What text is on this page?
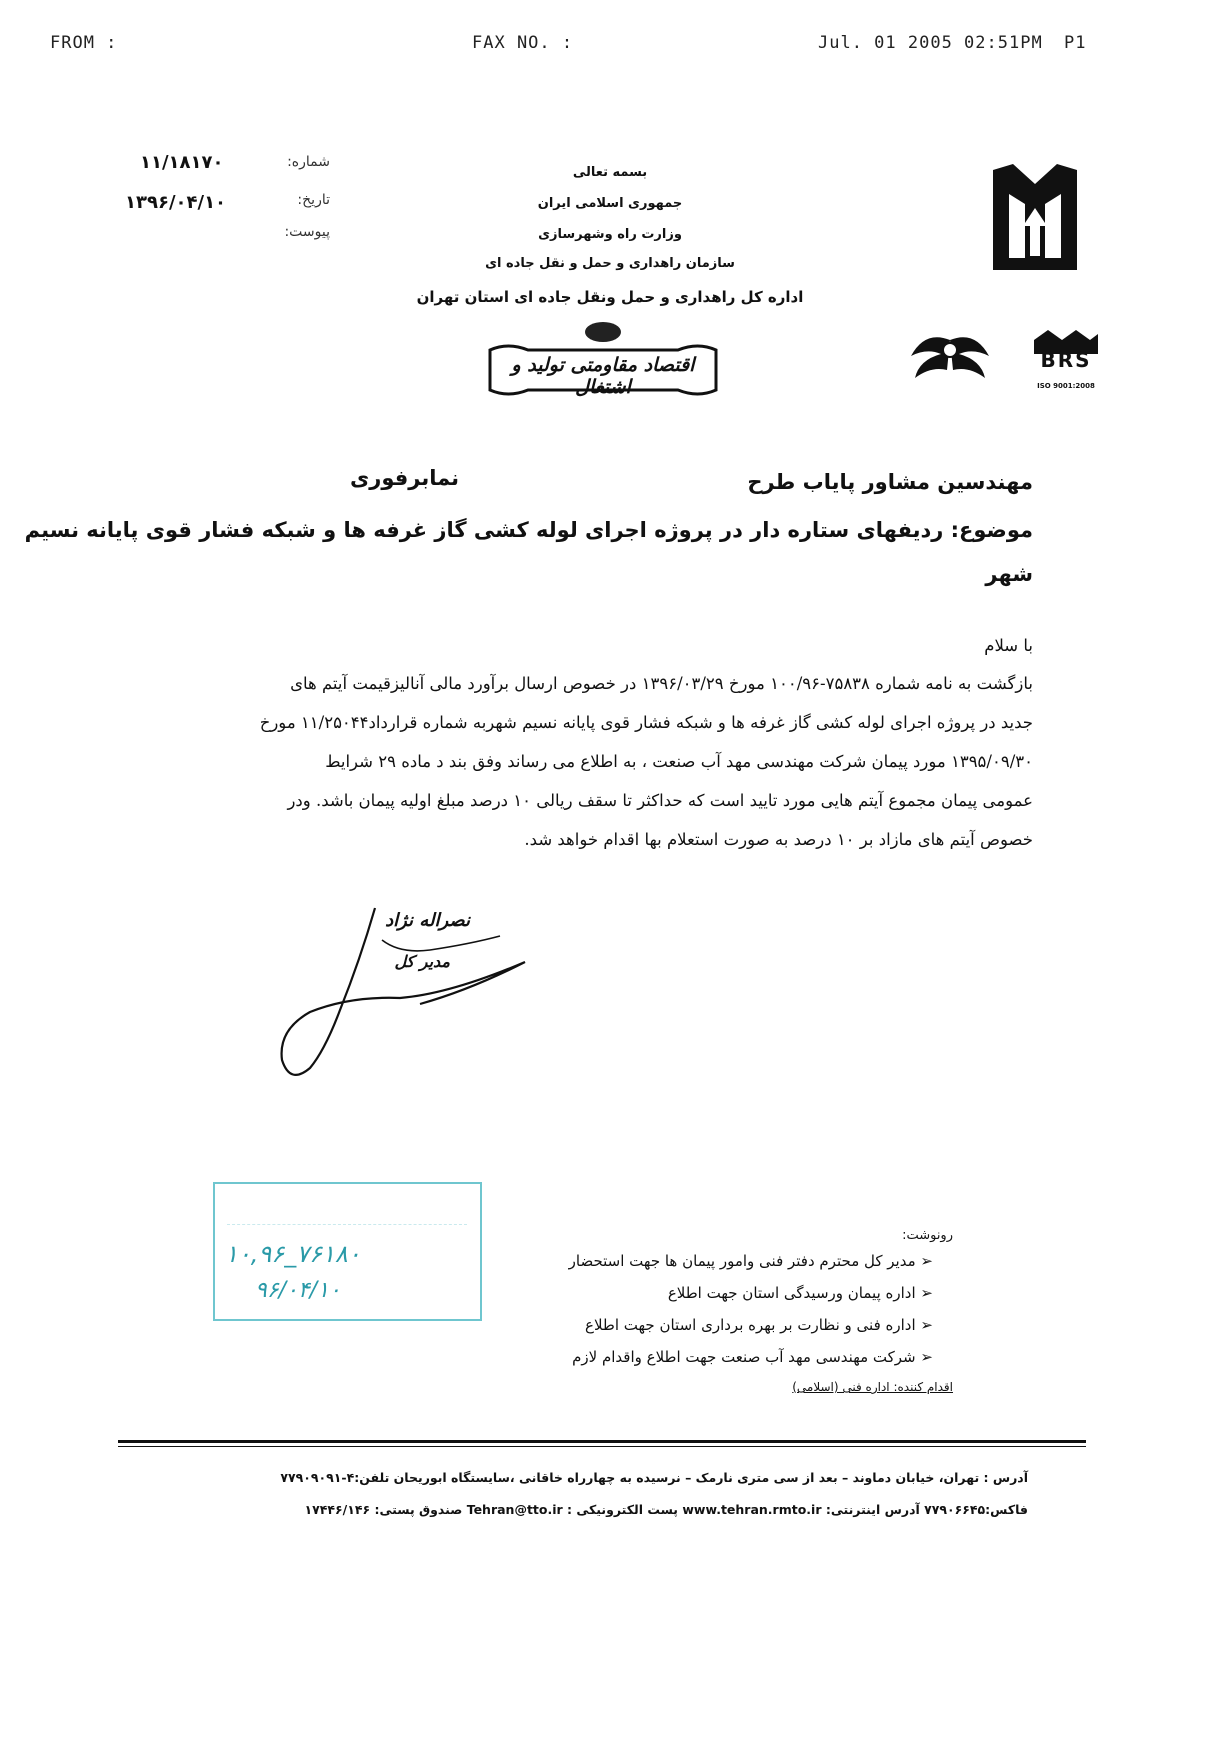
FROM :	FAX NO. :	Jul. 01 2005 02:51PM P1
۱۱/۱۸۱۷۰	شماره:
۱۳۹۶/۰۴/۱۰	تاریخ:
پیوست:
بسمه تعالی
جمهوری اسلامی ایران
وزارت راه وشهرسازی
سازمان راهداری و حمل و نقل جاده ای
اداره کل راهداری و حمل ونقل جاده ای استان تهران
اقتصاد مقاومتی تولید و اشتغال
BRS
ISO 9001:2008
مهندسین مشاور پایاب طرح
نمابرفوری
موضوع: ردیفهای ستاره دار در پروژه اجرای لوله کشی گاز غرفه ها و شبکه فشار قوی پایانه نسیم
شهر
با سلام
بازگشت به نامه شماره ۷۵۸۳۸-۱۰۰/۹۶ مورخ ۱۳۹۶/۰۳/۲۹ در خصوص ارسال برآورد مالی آنالیزقیمت آیتم های
جدید در پروژه اجرای لوله کشی گاز غرفه ها و شبکه فشار قوی پایانه نسیم شهربه شماره قرارداد۱۱/۲۵۰۴۴ مورخ
۱۳۹۵/۰۹/۳۰ مورد پیمان شرکت مهندسی مهد آب صنعت ، به اطلاع می رساند وفق بند د ماده ۲۹ شرایط
عمومی پیمان مجموع آیتم هایی مورد تایید است که حداکثر تا سقف ریالی ۱۰ درصد مبلغ اولیه پیمان باشد. ودر
خصوص آیتم های مازاد بر ۱۰ درصد به صورت استعلام بها اقدام خواهد شد.
نصراله نژاد
مدیر کل
۱۰,۹۶_۷۶۱۸۰
۹۶/۰۴/۱۰
رونوشت:
➢ مدیر کل محترم دفتر فنی وامور پیمان ها جهت استحضار
➢ اداره پیمان ورسیدگی استان جهت اطلاع
➢ اداره فنی و نظارت بر بهره برداری استان جهت اطلاع
➢ شرکت مهندسی مهد آب صنعت جهت اطلاع واقدام لازم
اقدام کننده: اداره فنی (اسلامی)
آدرس : تهران، خیابان دماوند – بعد از سی متری نارمک – نرسیده به چهارراه خاقانی ،سایستگاه ابوریحان تلفن:۴-۷۷۹۰۹۰۹۱
فاکس:۷۷۹۰۶۶۴۵ آدرس اینترنتی: www.tehran.rmto.ir پست الکترونیکی : Tehran@tto.ir صندوق پستی: ۱۷۴۴۶/۱۴۶
